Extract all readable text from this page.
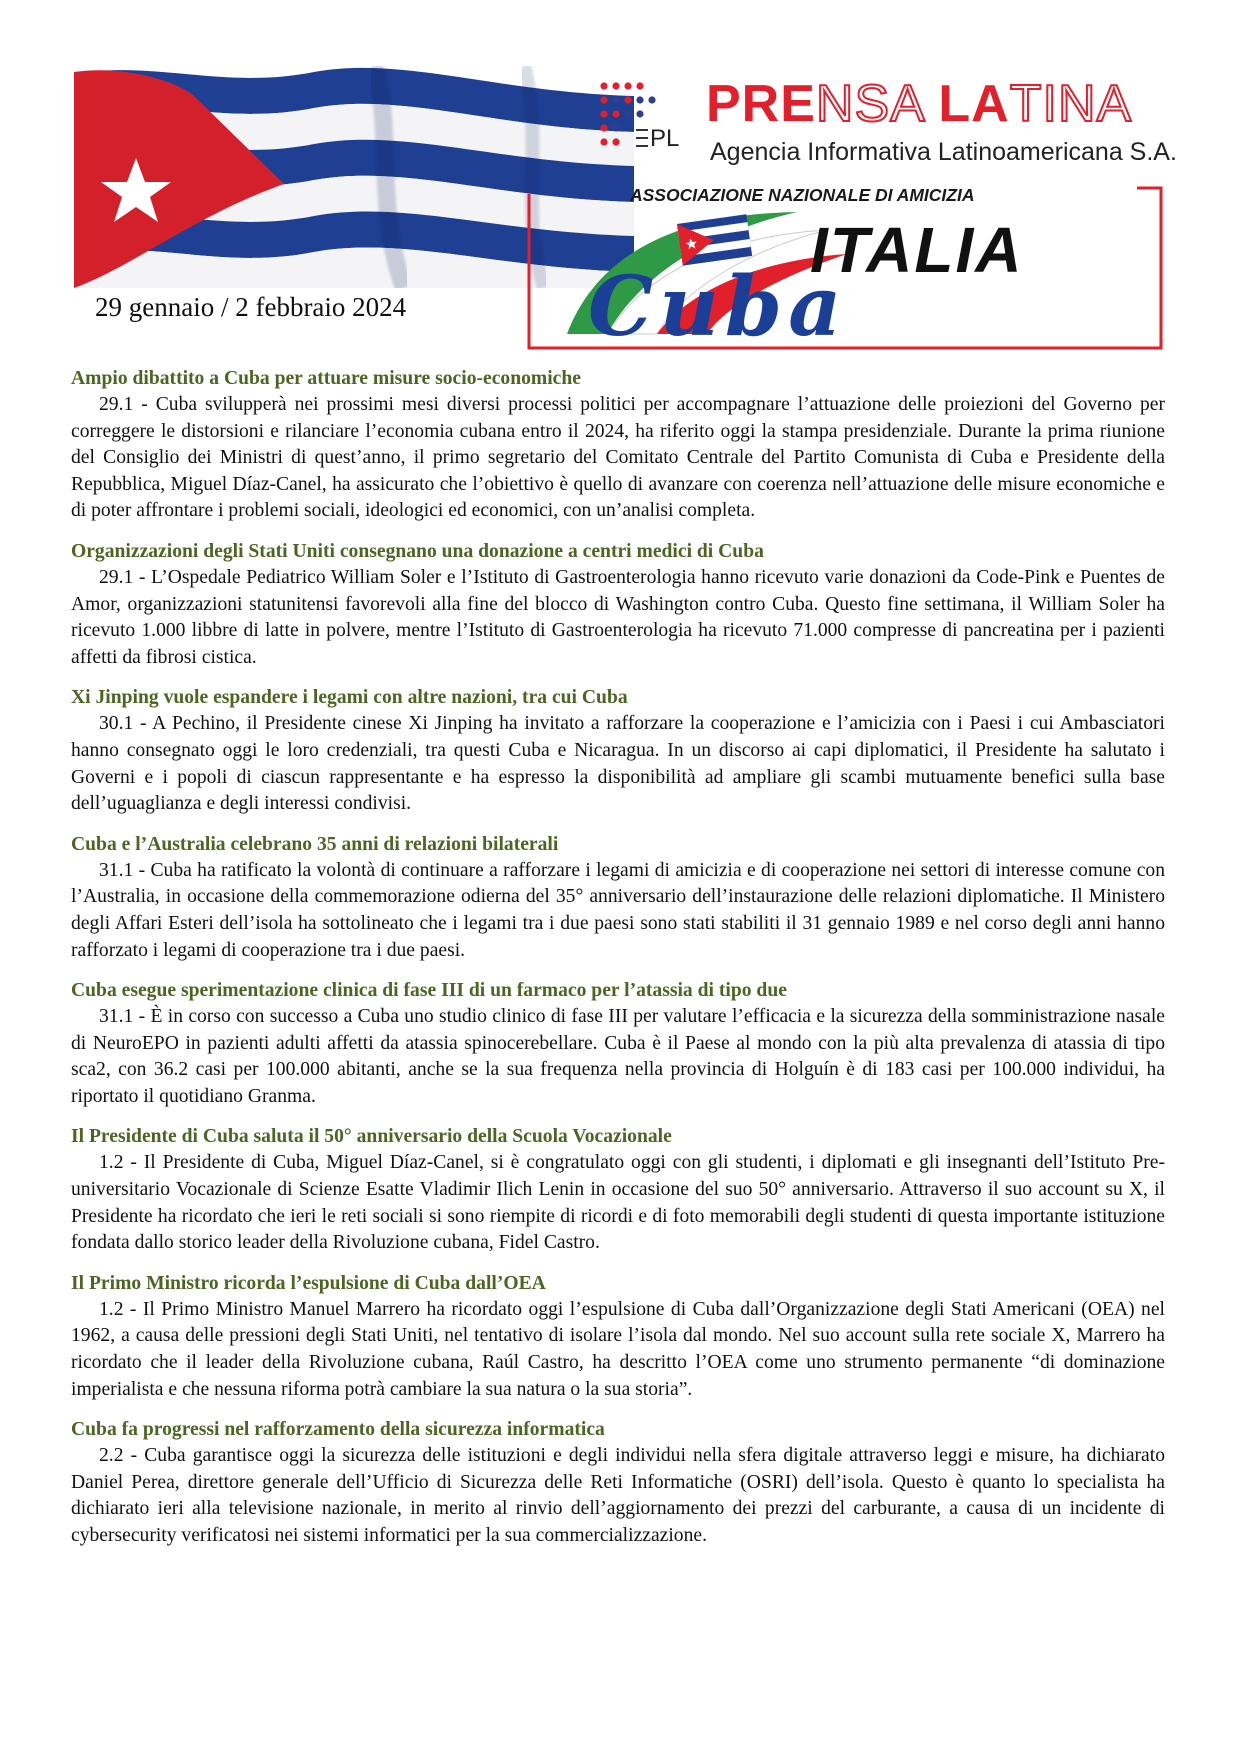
29 gennaio / 2 febbraio 2024
PL
PRENSA LATINA
Agencia Informativa Latinoamericana S.A.
ASSOCIAZIONE NAZIONALE DI AMICIZIA
ITALIA
Cuba
Ampio dibattito a Cuba per attuare misure socio-economiche

29.1 - Cuba svilupperà nei prossimi mesi diversi processi politici per accompagnare l’attuazione delle proiezioni del Governo per correggere le distorsioni e rilanciare l’economia cubana entro il 2024, ha riferito oggi la stampa presidenziale. Durante la prima riunione del Consiglio dei Ministri di quest’anno, il primo segretario del Comitato Centrale del Partito Comunista di Cuba e Presidente della Repubblica, Miguel Díaz-Canel, ha assicurato che l’obiettivo è quello di avanzare con coerenza nell’attuazione delle misure economiche e di poter affrontare i problemi sociali, ideologici ed economici, con un’analisi completa.

Organizzazioni degli Stati Uniti consegnano una donazione a centri medici di Cuba

29.1 - L’Ospedale Pediatrico William Soler e l’Istituto di Gastroenterologia hanno ricevuto varie donazioni da Code-Pink e Puentes de Amor, organizzazioni statunitensi favorevoli alla fine del blocco di Washington contro Cuba. Questo fine settimana, il William Soler ha ricevuto 1.000 libbre di latte in polvere, mentre l’Istituto di Gastroenterologia ha ricevuto 71.000 compresse di pancreatina per i pazienti affetti da fibrosi cistica.

Xi Jinping vuole espandere i legami con altre nazioni, tra cui Cuba

30.1 - A Pechino, il Presidente cinese Xi Jinping ha invitato a rafforzare la cooperazione e l’amicizia con i Paesi i cui Ambasciatori hanno consegnato oggi le loro credenziali, tra questi Cuba e Nicaragua. In un discorso ai capi diplomatici, il Presidente ha salutato i Governi e i popoli di ciascun rappresentante e ha espresso la disponibilità ad ampliare gli scambi mutuamente benefici sulla base dell’uguaglianza e degli interessi condivisi.

Cuba e l’Australia celebrano 35 anni di relazioni bilaterali

31.1 - Cuba ha ratificato la volontà di continuare a rafforzare i legami di amicizia e di cooperazione nei settori di interesse comune con l’Australia, in occasione della commemorazione odierna del 35° anniversario dell’instaurazione delle relazioni diplomatiche. Il Ministero degli Affari Esteri dell’isola ha sottolineato che i legami tra i due paesi sono stati stabiliti il 31 gennaio 1989 e nel corso degli anni hanno rafforzato i legami di cooperazione tra i due paesi.

Cuba esegue sperimentazione clinica di fase III di un farmaco per l’atassia di tipo due

31.1 - È in corso con successo a Cuba uno studio clinico di fase III per valutare l’efficacia e la sicurezza della somministrazione nasale di NeuroEPO in pazienti adulti affetti da atassia spinocerebellare. Cuba è il Paese al mondo con la più alta prevalenza di atassia di tipo sca2, con 36.2 casi per 100.000 abitanti, anche se la sua frequenza nella provincia di Holguín è di 183 casi per 100.000 individui, ha riportato il quotidiano Granma.

Il Presidente di Cuba saluta il 50° anniversario della Scuola Vocazionale

1.2 - Il Presidente di Cuba, Miguel Díaz-Canel, si è congratulato oggi con gli studenti, i diplomati e gli insegnanti dell’Istituto Pre-universitario Vocazionale di Scienze Esatte Vladimir Ilich Lenin in occasione del suo 50° anniversario. Attraverso il suo account su X, il Presidente ha ricordato che ieri le reti sociali si sono riempite di ricordi e di foto memorabili degli studenti di questa importante istituzione fondata dallo storico leader della Rivoluzione cubana, Fidel Castro.

Il Primo Ministro ricorda l’espulsione di Cuba dall’OEA

1.2 - Il Primo Ministro Manuel Marrero ha ricordato oggi l’espulsione di Cuba dall’Organizzazione degli Stati Americani (OEA) nel 1962, a causa delle pressioni degli Stati Uniti, nel tentativo di isolare l’isola dal mondo. Nel suo account sulla rete sociale X, Marrero ha ricordato che il leader della Rivoluzione cubana, Raúl Castro, ha descritto l’OEA come uno strumento permanente “di dominazione imperialista e che nessuna riforma potrà cambiare la sua natura o la sua storia”.

Cuba fa progressi nel rafforzamento della sicurezza informatica

2.2 - Cuba garantisce oggi la sicurezza delle istituzioni e degli individui nella sfera digitale attraverso leggi e misure, ha dichiarato Daniel Perea, direttore generale dell’Ufficio di Sicurezza delle Reti Informatiche (OSRI) dell’isola. Questo è quanto lo specialista ha dichiarato ieri alla televisione nazionale, in merito al rinvio dell’aggiornamento dei prezzi del carburante, a causa di un incidente di cybersecurity verificatosi nei sistemi informatici per la sua commercializzazione.
